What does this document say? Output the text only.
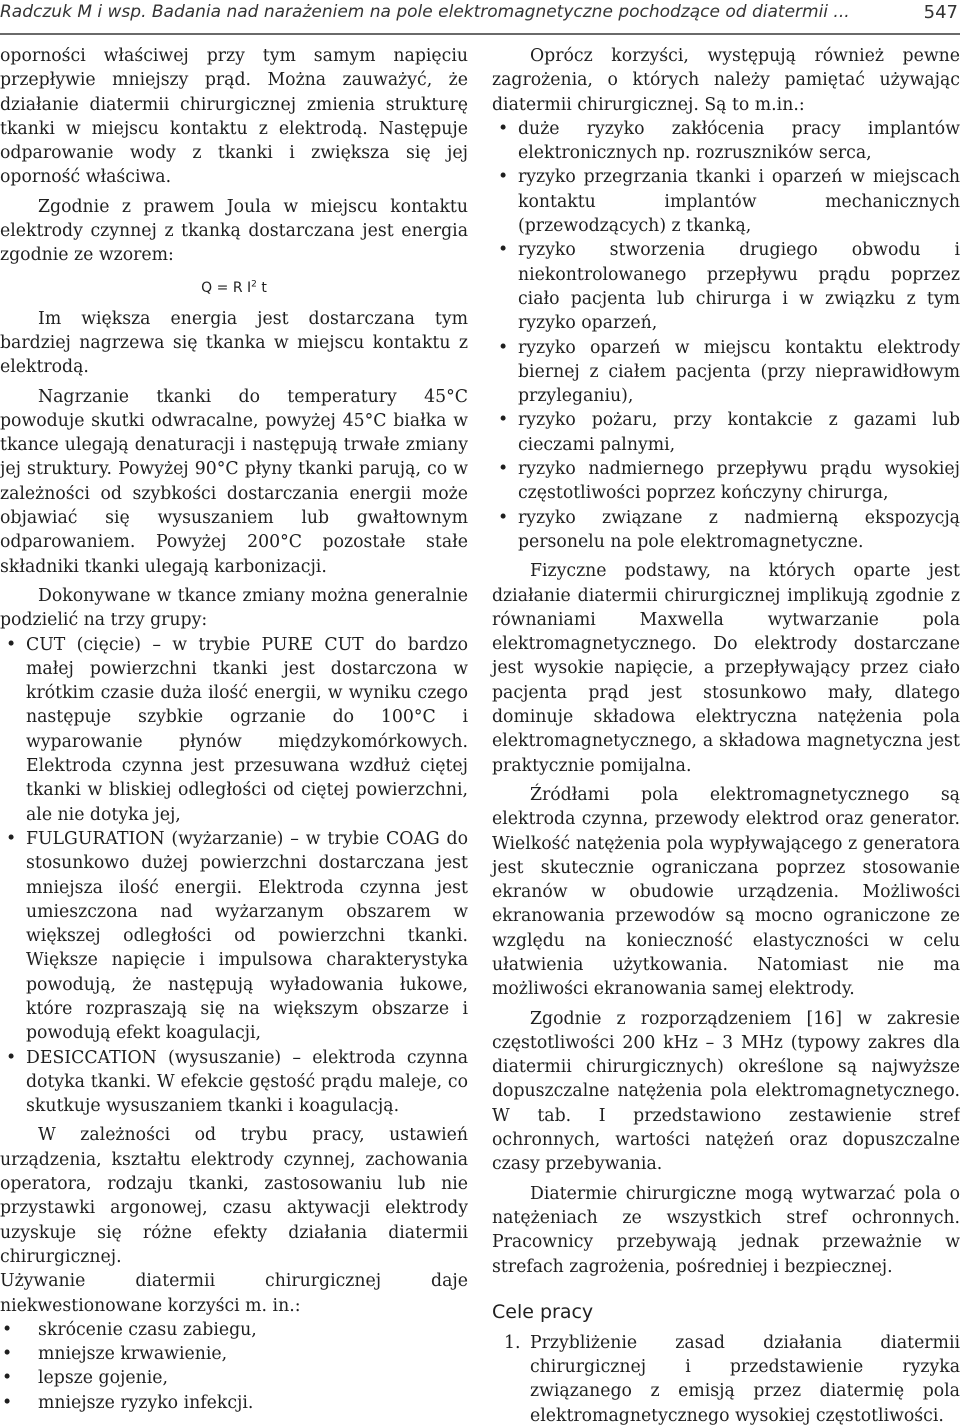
Radczuk M i wsp. Badania nad narażeniem na pole elektromagnetyczne pochodzące od diatermii ...	547

oporności właściwej przy tym samym napięciu przepływie mniejszy prąd. Można zauważyć, że działanie diatermii chirurgicznej zmienia strukturę tkanki w miejscu kontaktu z elektrodą. Następuje odparowanie wody z tkanki i zwiększa się jej oporność właściwa.

Zgodnie z prawem Joula w miejscu kontaktu elektrody czynnej z tkanką dostarczana jest energia zgodnie ze wzorem:

Q = R $I^2$ t

Im większa energia jest dostarczana tym bardziej nagrzewa się tkanka w miejscu kontaktu z elektrodą.

Nagrzanie tkanki do temperatury 45°C powoduje skutki odwracalne, powyżej 45°C białka w tkance ulegają denaturacji i następują trwałe zmiany jej struktury. Powyżej 90°C płyny tkanki parują, co w zależności od szybkości dostarczania energii może objawiać się wysuszaniem lub gwałtownym odparowaniem. Powyżej 200°C pozostałe stałe składniki tkanki ulegają karbonizacji.

Dokonywane w tkance zmiany można generalnie podzielić na trzy grupy:

• CUT (cięcie) – w trybie PURE CUT do bardzo małej powierzchni tkanki jest dostarczona w krótkim czasie duża ilość energii, w wyniku czego następuje szybkie ogrzanie do 100°C i wyparowanie płynów międzykomórkowych. Elektroda czynna jest przesuwana wzdłuż ciętej tkanki w bliskiej odległości od ciętej powierzchni, ale nie dotyka jej,
• FULGURATION (wyżarzanie) – w trybie COAG do stosunkowo dużej powierzchni dostarczana jest mniejsza ilość energii. Elektroda czynna jest umieszczona nad wyżarzanym obszarem w większej odległości od powierzchni tkanki. Większe napięcie i impulsowa charakterystyka powodują, że następują wyładowania łukowe, które rozpraszają się na większym obszarze i powodują efekt koagulacji,
• DESICCATION (wysuszanie) – elektroda czynna dotyka tkanki. W efekcie gęstość prądu maleje, co skutkuje wysuszaniem tkanki i koagulacją.

W zależności od trybu pracy, ustawień urządzenia, kształtu elektrody czynnej, zachowania operatora, rodzaju tkanki, zastosowaniu lub nie przystawki argonowej, czasu aktywacji elektrody uzyskuje się różne efekty działania diatermii chirurgicznej.

Używanie diatermii chirurgicznej daje niekwestionowane korzyści m. in.:

• skrócenie czasu zabiegu,
• mniejsze krwawienie,
• lepsze gojenie,
• mniejsze ryzyko infekcji.

Oprócz korzyści, występują również pewne zagrożenia, o których należy pamiętać używając diatermii chirurgicznej. Są to m.in.:

• duże ryzyko zakłócenia pracy implantów elektronicznych np. rozruszników serca,
• ryzyko przegrzania tkanki i oparzeń w miejscach kontaktu implantów mechanicznych (przewodzących) z tkanką,
• ryzyko stworzenia drugiego obwodu i niekontrolowanego przepływu prądu poprzez ciało pacjenta lub chirurga i w związku z tym ryzyko oparzeń,
• ryzyko oparzeń w miejscu kontaktu elektrody biernej z ciałem pacjenta (przy nieprawidłowym przyleganiu),
• ryzyko pożaru, przy kontakcie z gazami lub cieczami palnymi,
• ryzyko nadmiernego przepływu prądu wysokiej częstotliwości poprzez kończyny chirurga,
• ryzyko związane z nadmierną ekspozycją personelu na pole elektromagnetyczne.

Fizyczne podstawy, na których oparte jest działanie diatermii chirurgicznej implikują zgodnie z równaniami Maxwella wytwarzanie pola elektromagnetycznego. Do elektrody dostarczane jest wysokie napięcie, a przepływający przez ciało pacjenta prąd jest stosunkowo mały, dlatego dominuje składowa elektryczna natężenia pola elektromagnetycznego, a składowa magnetyczna jest praktycznie pomijalna.

Źródłami pola elektromagnetycznego są elektroda czynna, przewody elektrod oraz generator. Wielkość natężenia pola wypływającego z generatora jest skutecznie ograniczana poprzez stosowanie ekranów w obudowie urządzenia. Możliwości ekranowania przewodów są mocno ograniczone ze względu na konieczność elastyczności w celu ułatwienia użytkowania. Natomiast nie ma możliwości ekranowania samej elektrody.

Zgodnie z rozporządzeniem [16] w zakresie częstotliwości 200 kHz – 3 MHz (typowy zakres dla diatermii chirurgicznych) określone są najwyższe dopuszczalne natężenia pola elektromagnetycznego. W tab. I przedstawiono zestawienie stref ochronnych, wartości natężeń oraz dopuszczalne czasy przebywania.

Diatermie chirurgiczne mogą wytwarzać pola o natężeniach ze wszystkich stref ochronnych. Pracownicy przebywają jednak przeważnie w strefach zagrożenia, pośredniej i bezpiecznej.

Cele pracy
1. Przybliżenie zasad działania diatermii chirurgicznej i przedstawienie ryzyka związanego z emisją przez diatermię pola elektromagnetycznego wysokiej częstotliwości.
